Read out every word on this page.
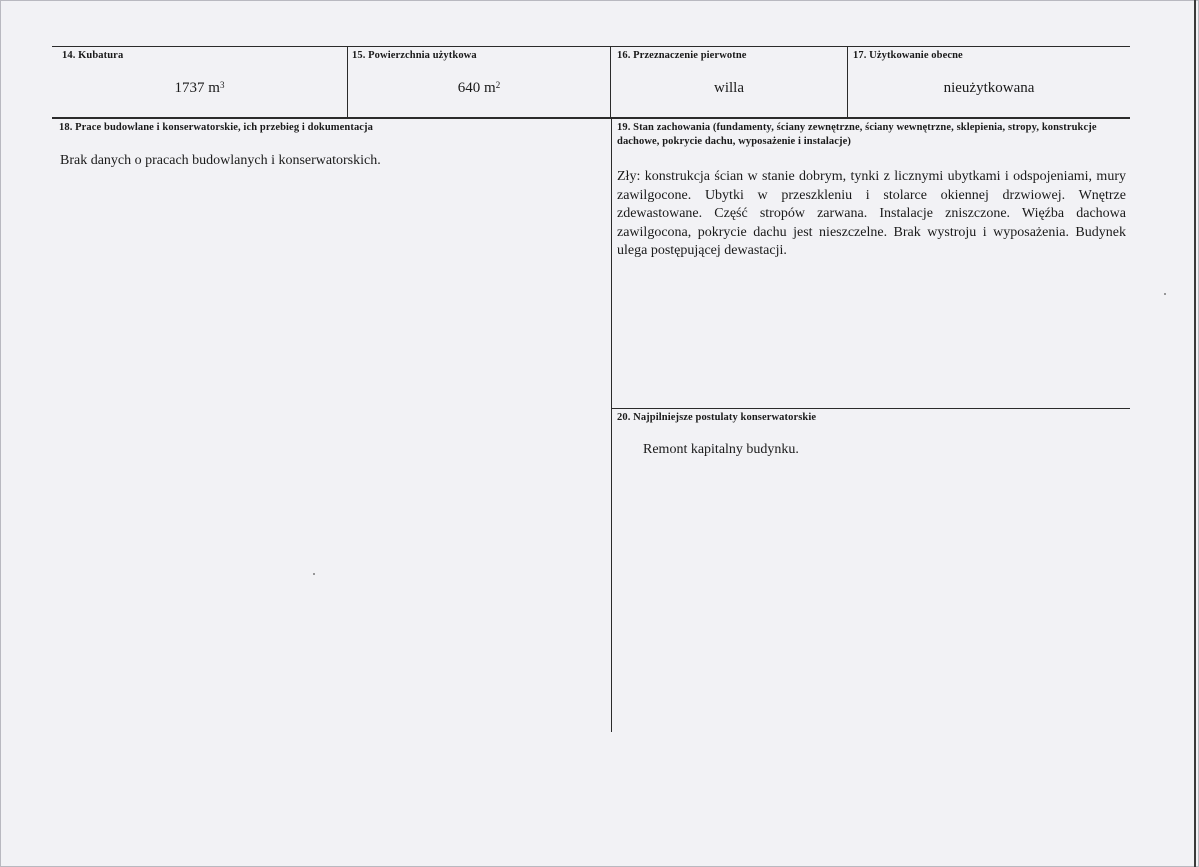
14. Kubatura
1737 $m^3$
15. Powierzchnia użytkowa
640 $m^2$
16. Przeznaczenie pierwotne
willa
17. Użytkowanie obecne
nieużytkowana
18. Prace budowlane i konserwatorskie, ich przebieg i dokumentacja
Brak danych o pracach budowlanych i konserwatorskich.
19. Stan zachowania (fundamenty, ściany zewnętrzne, ściany wewnętrzne, sklepienia, stropy, konstrukcje dachowe, pokrycie dachu, wyposażenie i instalacje)
Zły: konstrukcja ścian w stanie dobrym, tynki z licznymi ubytkami i odspojeniami, mury zawilgocone. Ubytki w przeszkleniu i stolarce okiennej drzwiowej. Wnętrze zdewastowane. Część stropów zarwana. Instalacje zniszczone. Więźba dachowa zawilgocona, pokrycie dachu jest nieszczelne. Brak wystroju i wyposażenia. Budynek ulega postępującej dewastacji.
20. Najpilniejsze postulaty konserwatorskie
Remont kapitalny budynku.
